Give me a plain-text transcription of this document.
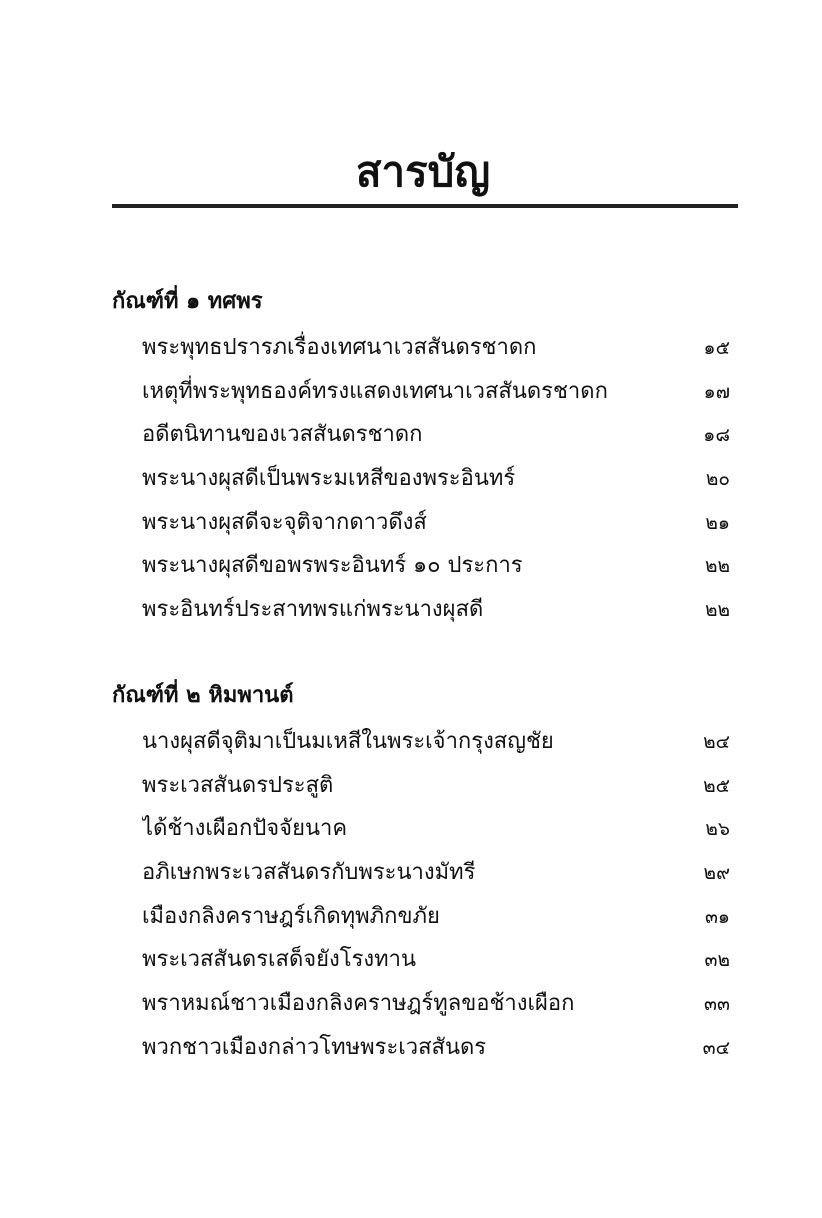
สารบัญ
กัณฑ์ที่ ๑ ทศพร
พระพุทธปรารภเรื่องเทศนาเวสสันดรชาดก	๑๕
เหตุที่พระพุทธองค์ทรงแสดงเทศนาเวสสันดรชาดก	๑๗
อดีตนิทานของเวสสันดรชาดก	๑๘
พระนางผุสดีเป็นพระมเหสีของพระอินทร์	๒๐
พระนางผุสดีจะจุติจากดาวดึงส์	๒๑
พระนางผุสดีขอพรพระอินทร์ ๑๐ ประการ	๒๒
พระอินทร์ประสาทพรแก่พระนางผุสดี	๒๒
กัณฑ์ที่ ๒ หิมพานต์
นางผุสดีจุติมาเป็นมเหสีในพระเจ้ากรุงสญชัย	๒๔
พระเวสสันดรประสูติ	๒๕
ได้ช้างเผือกปัจจัยนาค	๒๖
อภิเษกพระเวสสันดรกับพระนางมัทรี	๒๙
เมืองกลิงคราษฎร์เกิดทุพภิกขภัย	๓๑
พระเวสสันดรเสด็จยังโรงทาน	๓๒
พราหมณ์ชาวเมืองกลิงคราษฎร์ทูลขอช้างเผือก	๓๓
พวกชาวเมืองกล่าวโทษพระเวสสันดร	๓๔
